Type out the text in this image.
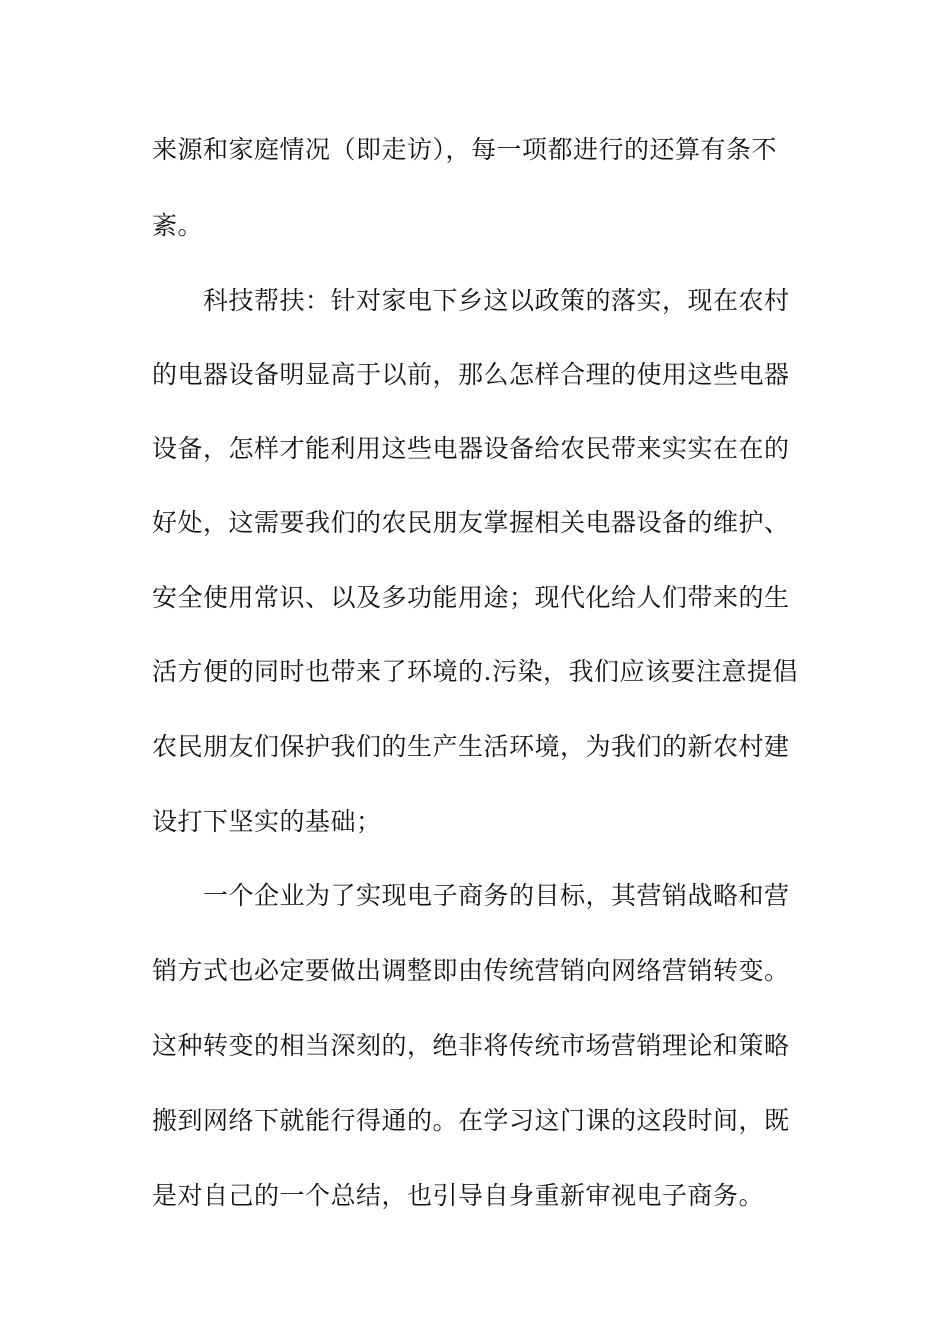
来源和家庭情况（即走访），每一项都进行的还算有条不
紊。
科技帮扶：针对家电下乡这以政策的落实，现在农村
的电器设备明显高于以前，那么怎样合理的使用这些电器
设备，怎样才能利用这些电器设备给农民带来实实在在的
好处，这需要我们的农民朋友掌握相关电器设备的维护、
安全使用常识、以及多功能用途；现代化给人们带来的生
活方便的同时也带来了环境的.污染，我们应该要注意提倡
农民朋友们保护我们的生产生活环境，为我们的新农村建
设打下坚实的基础；
一个企业为了实现电子商务的目标，其营销战略和营
销方式也必定要做出调整即由传统营销向网络营销转变。
这种转变的相当深刻的，绝非将传统市场营销理论和策略
搬到网络下就能行得通的。在学习这门课的这段时间，既
是对自己的一个总结，也引导自身重新审视电子商务。
